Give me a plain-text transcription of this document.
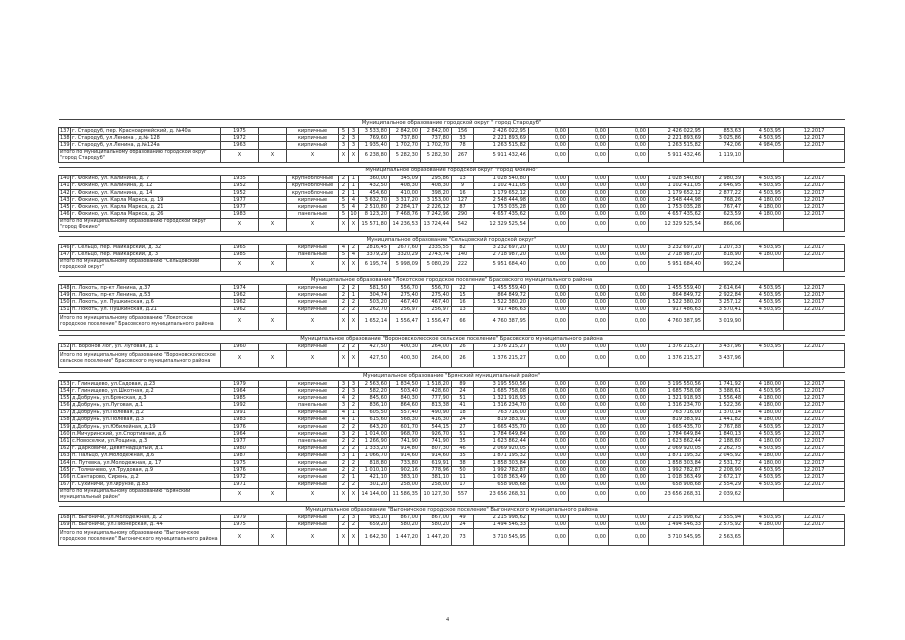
Муниципальное образование городской округ " город Стародуб"																		
137	г. Стародуб, пер. Красноармейский, д. №40а	1975		кирпичные	5	3	3 533,80	2 842,00	2 842,00	156	2 426 022,95	0,00	0,00	0,00	2 426 022,95	853,63	4 503,95	12.2017
138	г. Стародуб, ул.Ленина , д.№ 128	1972		кирпичные	2	3	769,60	737,80	737,80	33	2 221 893,69	0,00	0,00	0,00	2 221 893,69	3 025,86	4 503,95	12.2017
139	г. Стародуб, ул.Ленина, д.№124а	1963		кирпичный	3	3	1 935,40	1 702,70	1 702,70	78	1 263 515,82	0,00	0,00	0,00	1 263 515,82	742,06	4 984,05	12.2017
Итого по Муниципальному образованию городской округ "город Стародуб"		X	X	X	X	X	6 238,80	5 282,30	5 282,30	267	5 911 432,46	0,00	0,00	0,00	5 911 432,46	1 119,10		

Муниципальное образование городской округ "город Фокино"																		
140	г. Фокино, ул. Калинина, д. 7	1935		крупноблочные	2	1	360,00	345,09	295,86	13	1 028 540,80	0,00	0,00	0,00	1 028 540,80	2 980,39	4 503,95	12.2017
141	г. Фокино, ул. Калинина, д. 12	1952		крупноблочные	2	1	432,50	408,30	408,30	9	1 102 411,05	0,00	0,00	0,00	1 102 411,05	2 646,95	4 503,95	12.2017
142	г. Фокино, ул. Калинина, д. 14	1952		крупноблочные	2	1	454,60	410,00	398,20	16	1 179 652,12	0,00	0,00	0,00	1 179 652,12	2 877,22	4 503,95	12.2017
143	г. Фокино, ул. Карла Маркса, д. 19	1977		кирпичные	5	4	3 632,70	3 317,20	3 153,00	127	2 548 444,98	0,00	0,00	0,00	2 548 444,98	768,26	4 180,00	12.2017
145	г. Фокино, ул. Карла Маркса, д. 21	1977		кирпичные	5	4	2 510,80	2 284,17	2 226,12	87	1 753 035,28	0,00	0,00	0,00	1 753 035,28	767,47	4 180,00	12.2017
146	г. Фокино, ул. Карла Маркса, д. 26	1983		панельные	5	10	8 123,20	7 468,76	7 242,96	290	4 657 435,62	0,00	0,00	0,00	4 657 435,62	623,59	4 180,00	12.2017
Итого по муниципальному образованию городской округ "город Фокино"		X	X	X	X	X	15 571,80	14 236,53	13 724,44	542	12 329 525,54	0,00	0,00	0,00	12 329 525,54	866,06		

Муниципальное образование "Сельцовский городской округ"																		
146	г. Сельцо, пер. Майкарский, д. 32	1965		кирпичные	4	2	2816,45	2677,60	2335,55	82	3 232 697,20	0,00	0,00	0,00	3 232 697,20	1 207,33	4 503,95	12.2017
147	г. Сельцо, пер. Майкарский, д. 3	1985		панельные	5	4	3379,29	3320,29	2743,74	140	2 718 987,20	0,00	0,00	0,00	2 718 987,20	818,90	4 180,00	12.2017
Итого по муниципальному образованию "Сельцовский городской округ"		X	X	X	X	X	6 195,74	5 998,09	5 080,29	222	5 951 684,40	0,00	0,00	0,00	5 951 684,40	992,24		

Муниципальное образование "Локотское городское поселение" Брасовского муниципального района																		
148	п. Локоть, пр-кт Ленина, д.37	1974		кирпичные	2	2	581,50	556,70	556,70	22	1 455 559,40	0,00	0,00	0,00	1 455 559,40	2 614,64	4 503,95	12.2017
149	п. Локоть, пр-кт Ленина, д.53	1962		кирпичные	2	1	304,74	275,40	275,40	15	864 849,72	0,00	0,00	0,00	864 849,72	2 922,84	4 503,95	12.2017
150	п. Локоть, ул. Пушкинская, д.6	1962		кирпичные	2	2	503,20	467,40	467,40	16	1 522 380,20	0,00	0,00	0,00	1 522 380,20	3 257,12	4 503,95	12.2017
151	п. Локоть, ул. Пушкинская, д.21	1962		кирпичные	2	2	262,70	256,97	256,97	13	917 486,63	0,00	0,00	0,00	917 486,63	3 570,41	4 503,95	12.2017
Итого по муниципальному образованию "Локотское городское поселение" Брасовского муниципального района		X	X	X	X	X	1 652,14	1 556,47	1 556,47	66	4 760 387,95	0,00	0,00	0,00	4 760 387,95	3 019,90		

Муниципальное образование "Вороновсколесское сельское поселение" Брасовского муниципального района																		
152	п. Воронов Лог, ул. Луговая, д. 1	1960		кирпичные	2	2	427,50	400,30	264,00	26	1 376 215,27	0,00	0,00	0,00	1 376 215,27	3 437,96	4 503,95	12.2017
Итого по муниципальному образованию "Вороновсколесское сельское поселение" Брасовского муниципального района		X	X	X	X	X	427,50	400,30	264,00	26	1 376 215,27	0,00	0,00	0,00	1 376 215,27	3 437,96		

Муниципальное образование "Брянский муниципальный район"																		
153	г. Глинищево, ул.Садовая, д.23	1979		кирпичные	3	3	2 563,60	1 834,50	1 518,20	89	3 195 550,56	0,00	0,00	0,00	3 195 550,56	1 741,92	4 180,00	12.2017
154	г. Глинищево, ул.Шкотная, д.2	1964		кирпичные	2	3	582,20	503,40	428,60	24	1 685 758,08	0,00	0,00	0,00	1 685 758,08	3 388,61	4 503,95	12.2017
155	д.Добрунь, ул.Брянская, д.3	1985		кирпичные	4	2	845,60	840,30	777,90	51	1 321 918,93	0,00	0,00	0,00	1 321 918,93	1 556,48	4 180,00	12.2017
156	д.Добрунь, ул.Луговая, д.1	1992		панельные	3	2	836,10	864,60	813,38	41	1 316 234,70	0,00	0,00	0,00	1 316 234,70	1 522,36	4 180,00	12.2017
157	д.Добрунь, ул.Полевая, д.2	1991		кирпичные	4	1	605,50	557,40	490,90	18	763 716,00	0,00	0,00	0,00	763 716,00	1 370,14	4 180,00	12.2017
158	д.Добрунь, ул.Полевая, д.3	1983		кирпичные	4	1	615,60	568,30	416,30	24	819 383,91	0,00	0,00	0,00	819 383,91	1 441,82	4 180,00	12.2017
159	д.Добрунь, ул.Юбилейная, д.19	1976		кирпичные	2	2	643,20	601,70	544,15	27	1 665 435,70	0,00	0,00	0,00	1 665 435,70	2 767,88	4 503,95	12.2017
160	п.Мичуринский, ул.Спортивная, д.6	1964		кирпичные	3	2	1 014,00	968,70	926,70	51	1 784 649,84	0,00	0,00	0,00	1 784 649,84	1 840,13	4 503,95	12.2017
161	с.Новоселки, ул.Рощина, д.3	1977		панельные	2	2	1 266,90	741,90	741,90	35	1 623 862,44	0,00	0,00	0,00	1 623 862,44	2 188,80	4 180,00	12.2017
162	г. Дарковичи, Девятнадцатый, д.1	1980		кирпичные	2	2	1 333,20	914,80	807,30	46	2 069 920,05	0,00	0,00	0,00	2 069 920,05	2 262,75	4 503,95	12.2017
163	п. Пальцо, ул.Молодежная, д.6	1987		кирпичные	3	1	1 066,70	914,60	914,60	35	1 871 195,32	0,00	0,00	0,00	1 871 195,32	2 045,92	4 180,00	12.2017
164	п. Путевка, ул.Молодежная, д. 17	1975		кирпичные	2	2	818,80	733,80	619,91	38	1 858 303,84	0,00	0,00	0,00	1 858 303,84	2 531,72	4 180,00	12.2017
165	г. Толмачево, ул.Трудовая, д.9	1976		кирпичные	2	2	1 010,10	902,16	778,96	50	1 992 782,87	0,00	0,00	0,00	1 992 782,87	2 208,90	4 503,95	12.2017
166	п.Сантарово, Сирень, д.2	1972		кирпичные	2	1	421,10	383,10	381,10	11	1 018 363,49	0,00	0,00	0,00	1 018 363,49	2 672,17	4 503,95	12.2017
167	г. Сухиничи, ул.Фрунзе, д.83	1971		кирпичные	2	2	301,20	258,00	258,00	17	658 908,68	0,00	0,00	0,00	658 908,68	2 554,29	4 503,95	12.2017
Итого по муниципальному образованию "Брянский муниципальный район"		X	X	X	X	X	14 144,00	11 586,35	10 127,30	557	23 656 268,31	0,00	0,00	0,00	23 656 268,31	2 039,62		

Муниципальное образование "Выгоничское городское поселение" Выгоничского муниципального района																		
168	п. Выгоничи, ул.Молодежная, д. 2	1979		кирпичные	2	3	983,10	867,00	867,00	49	2 215 998,62	0,00	0,00	0,00	2 215 998,62	2 555,94	4 503,95	12.2017
169	п. Выгоничи, ул.Пионерская, д. 44	1975		кирпичные	2	2	659,20	580,20	580,20	24	1 494 546,33	0,00	0,00	0,00	1 494 546,33	2 575,92	4 180,00	12.2017
Итого по муниципальному образованию "Выгоничское городское поселение" Выгоничского муниципального района		X	X	X	X	X	1 642,30	1 447,20	1 447,20	73	3 710 545,95	0,00	0,00	0,00	3 710 545,95	2 563,65		
4
